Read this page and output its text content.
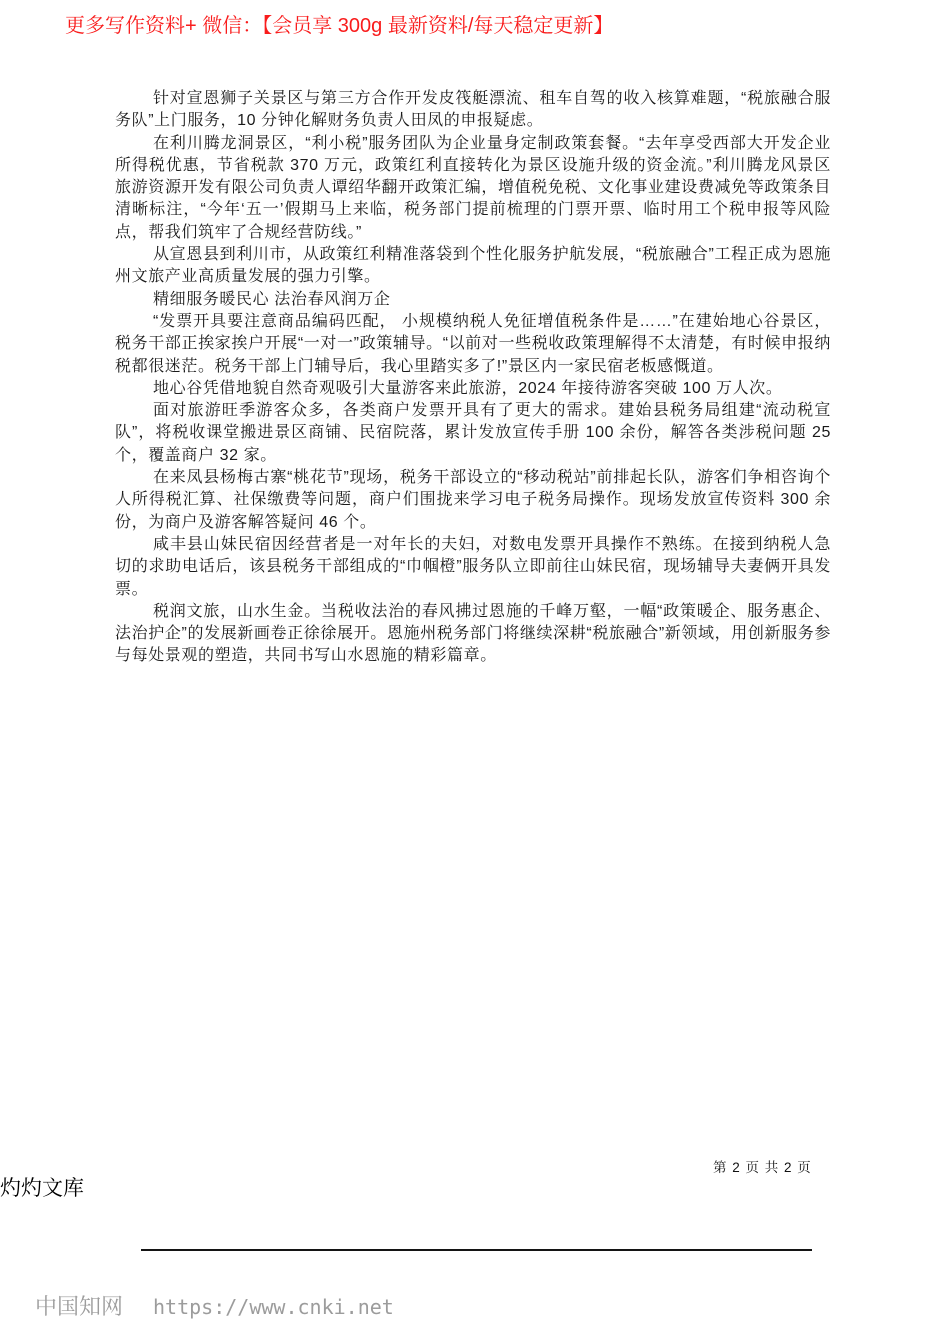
更多写作资料+ 微信：【会员享 300g 最新资料/每天稳定更新】

针对宣恩狮子关景区与第三方合作开发皮筏艇漂流、租车自驾的收入核算难题，“税旅融合服务队”上门服务，10 分钟化解财务负责人田凤的申报疑虑。

在利川腾龙洞景区，“利小税”服务团队为企业量身定制政策套餐。“去年享受西部大开发企业所得税优惠，节省税款 370 万元，政策红利直接转化为景区设施升级的资金流。”利川腾龙风景区旅游资源开发有限公司负责人谭绍华翻开政策汇编，增值税免税、文化事业建设费减免等政策条目清晰标注，“今年‘五一’假期马上来临，税务部门提前梳理的门票开票、临时用工个税申报等风险点，帮我们筑牢了合规经营防线。”

从宣恩县到利川市，从政策红利精准落袋到个性化服务护航发展，“税旅融合”工程正成为恩施州文旅产业高质量发展的强力引擎。

精细服务暖民心 法治春风润万企

“发票开具要注意商品编码匹配， 小规模纳税人免征增值税条件是……”在建始地心谷景区，税务干部正挨家挨户开展“一对一”政策辅导。“以前对一些税收政策理解得不太清楚，有时候申报纳税都很迷茫。税务干部上门辅导后，我心里踏实多了!”景区内一家民宿老板感慨道。

地心谷凭借地貌自然奇观吸引大量游客来此旅游，2024 年接待游客突破 100 万人次。

面对旅游旺季游客众多，各类商户发票开具有了更大的需求。建始县税务局组建“流动税宣队”，将税收课堂搬进景区商铺、民宿院落，累计发放宣传手册 100 余份，解答各类涉税问题 25 个，覆盖商户 32 家。

在来凤县杨梅古寨“桃花节”现场，税务干部设立的“移动税站”前排起长队，游客们争相咨询个人所得税汇算、社保缴费等问题，商户们围拢来学习电子税务局操作。现场发放宣传资料 300 余份，为商户及游客解答疑问 46 个。

咸丰县山妹民宿因经营者是一对年长的夫妇，对数电发票开具操作不熟练。在接到纳税人急切的求助电话后，该县税务干部组成的“巾帼橙”服务队立即前往山妹民宿，现场辅导夫妻俩开具发票。

税润文旅，山水生金。当税收法治的春风拂过恩施的千峰万壑，一幅“政策暖企、服务惠企、法治护企”的发展新画卷正徐徐展开。恩施州税务部门将继续深耕“税旅融合”新领域，用创新服务参与每处景观的塑造，共同书写山水恩施的精彩篇章。

第 2 页 共 2 页
灼灼文库
中国知网 https://www.cnki.net
